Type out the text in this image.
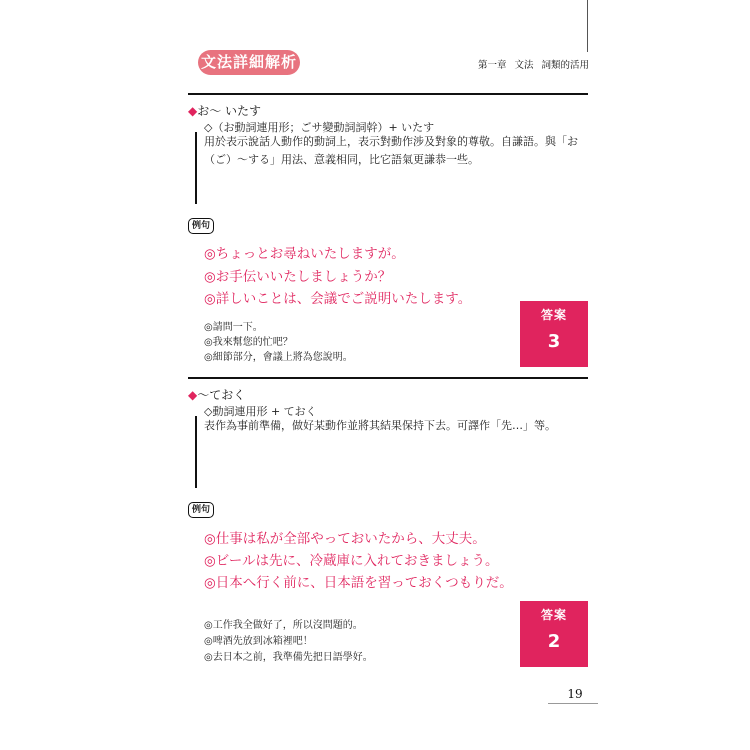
文法詳細解析	第一章 文法 詞類的活用
◆お～ いたす
◇（お動詞連用形；ごサ變動詞詞幹）+ いたす
用於表示說話人動作的動詞上，表示對動作涉及對象的尊敬。自謙語。與「お（ご）～する」用法、意義相同，比它語氣更謙恭一些。
例句
◎ちょっとお尋ねいたしますが。
◎お手伝いいたしましょうか？
◎詳しいことは、会議でご説明いたします。
◎請問一下。
◎我來幫您的忙吧？
◎細節部分，會議上將為您說明。
答案
3
◆～ておく
◇動詞連用形 + ておく
表作為事前準備，做好某動作並將其結果保持下去。可譯作「先…」等。
例句
◎仕事は私が全部やっておいたから、大丈夫。
◎ビールは先に、冷蔵庫に入れておきましょう。
◎日本へ行く前に、日本語を習っておくつもりだ。
◎工作我全做好了，所以沒問題的。
◎啤酒先放到冰箱裡吧！
◎去日本之前，我準備先把日語學好。
答案
2
19
